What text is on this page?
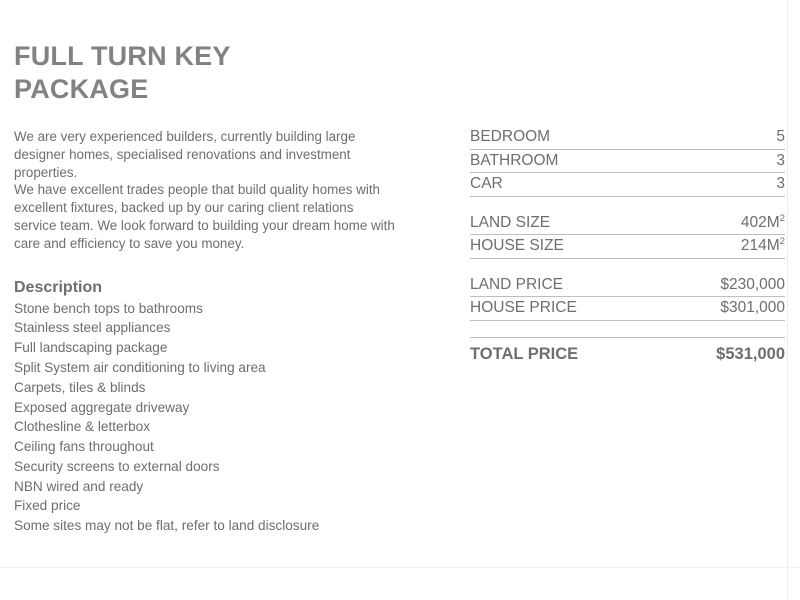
FULL TURN KEY PACKAGE

We are very experienced builders, currently building large designer homes, specialised renovations and investment properties.

We have excellent trades people that build quality homes with excellent fixtures, backed up by our caring client relations service team. We look forward to building your dream home with care and efficiency to save you money.

Description
Stone bench tops to bathrooms
Stainless steel appliances
Full landscaping package
Split System air conditioning to living area
Carpets, tiles & blinds
Exposed aggregate driveway
Clothesline & letterbox
Ceiling fans throughout
Security screens to external doors
NBN wired and ready
Fixed price
Some sites may not be flat, refer to land disclosure
BEDROOM	5
BATHROOM	3
CAR	3
LAND SIZE	$402M^2$
HOUSE SIZE	$214M^2$
LAND PRICE	$230,000
HOUSE PRICE	$301,000
TOTAL PRICE	$531,000
